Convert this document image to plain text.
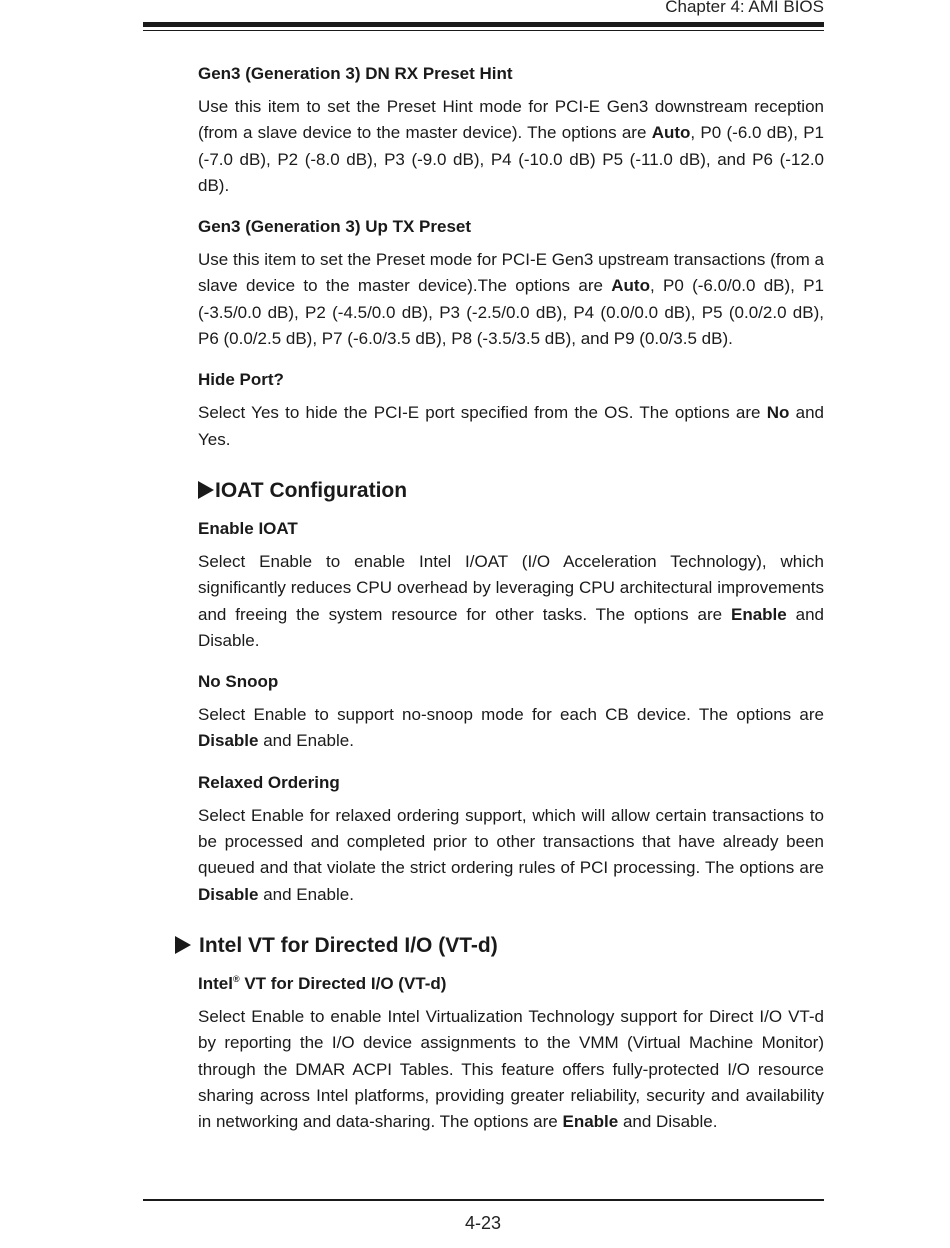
Chapter 4: AMI BIOS
Gen3 (Generation 3) DN RX Preset Hint

Use this item to set the Preset Hint mode for PCI-E Gen3 downstream reception (from a slave device to the master device). The options are Auto, P0 (-6.0 dB), P1 (-7.0 dB), P2 (-8.0 dB), P3 (-9.0 dB), P4 (-10.0 dB) P5 (-11.0 dB), and P6 (-12.0 dB).

Gen3 (Generation 3) Up TX Preset

Use this item to set the Preset mode for PCI-E Gen3 upstream transactions (from a slave device to the master device).The options are Auto, P0 (-6.0/0.0 dB), P1 (-3.5/0.0 dB), P2 (-4.5/0.0 dB), P3 (-2.5/0.0 dB), P4 (0.0/0.0 dB), P5 (0.0/2.0 dB), P6 (0.0/2.5 dB), P7 (-6.0/3.5 dB), P8 (-3.5/3.5 dB), and P9 (0.0/3.5 dB).

Hide Port?

Select Yes to hide the PCI-E port specified from the OS. The options are No and Yes.

IOAT Configuration
Enable IOAT

Select Enable to enable Intel I/OAT (I/O Acceleration Technology), which significantly reduces CPU overhead by leveraging CPU architectural improvements and freeing the system resource for other tasks. The options are Enable and Disable.

No Snoop

Select Enable to support no-snoop mode for each CB device. The options are Disable and Enable.

Relaxed Ordering

Select Enable for relaxed ordering support, which will allow certain transactions to be processed and completed prior to other transactions that have already been queued and that violate the strict ordering rules of PCI processing. The options are Disable and Enable.

Intel VT for Directed I/O (VT-d)
Intel® VT for Directed I/O (VT-d)

Select Enable to enable Intel Virtualization Technology support for Direct I/O VT-d by reporting the I/O device assignments to the VMM (Virtual Machine Monitor) through the DMAR ACPI Tables. This feature offers fully-protected I/O resource sharing across Intel platforms, providing greater reliability, security and availability in networking and data-sharing. The options are Enable and Disable.

4-23
